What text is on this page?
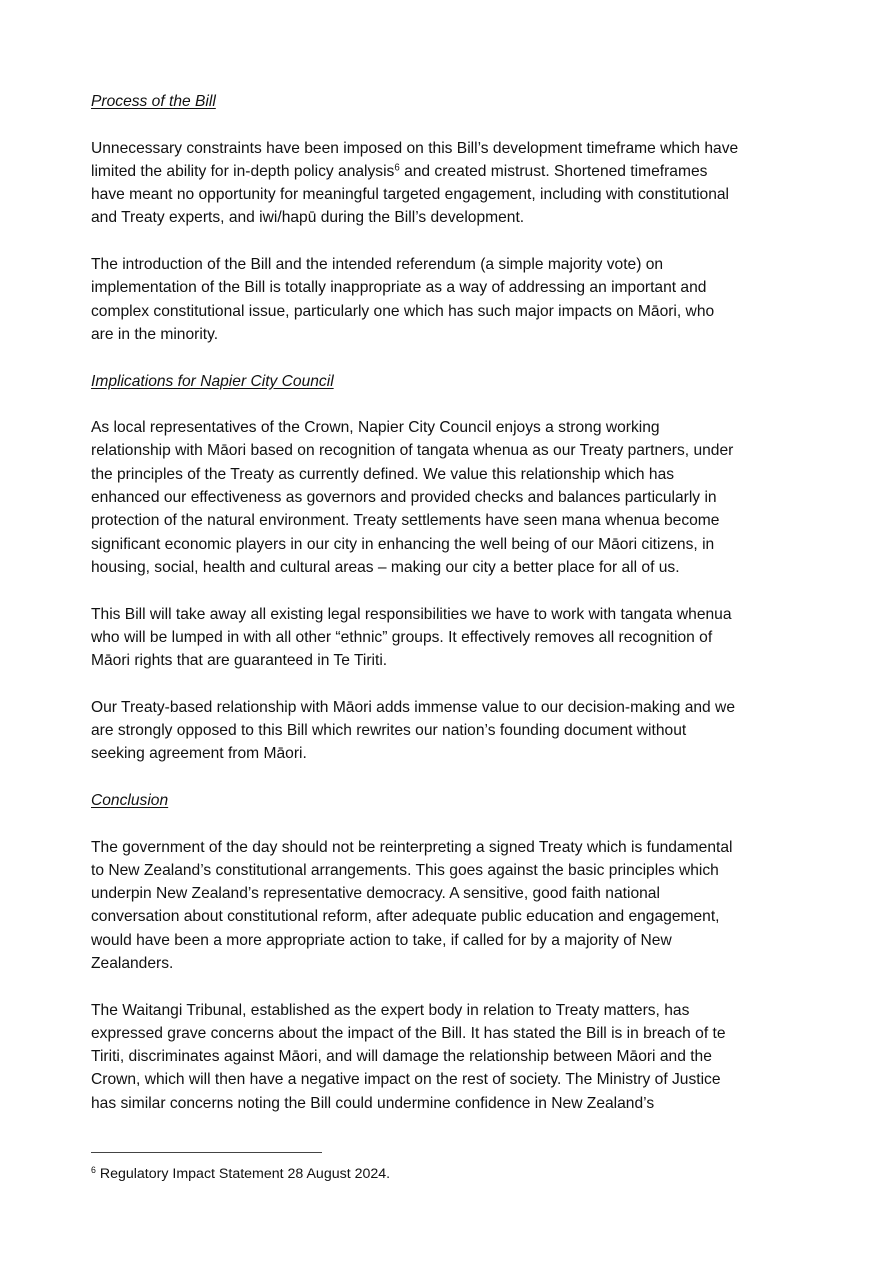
Process of the Bill

Unnecessary constraints have been imposed on this Bill’s development timeframe which have
limited the ability for in-depth policy analysis$^6$ and created mistrust. Shortened timeframes
have meant no opportunity for meaningful targeted engagement, including with constitutional
and Treaty experts, and iwi/hapū during the Bill’s development.

The introduction of the Bill and the intended referendum (a simple majority vote) on
implementation of the Bill is totally inappropriate as a way of addressing an important and
complex constitutional issue, particularly one which has such major impacts on Māori, who
are in the minority.

Implications for Napier City Council

As local representatives of the Crown, Napier City Council enjoys a strong working
relationship with Māori based on recognition of tangata whenua as our Treaty partners, under
the principles of the Treaty as currently defined. We value this relationship which has
enhanced our effectiveness as governors and provided checks and balances particularly in
protection of the natural environment. Treaty settlements have seen mana whenua become
significant economic players in our city in enhancing the well being of our Māori citizens, in
housing, social, health and cultural areas – making our city a better place for all of us.

This Bill will take away all existing legal responsibilities we have to work with tangata whenua
who will be lumped in with all other “ethnic” groups. It effectively removes all recognition of
Māori rights that are guaranteed in Te Tiriti.

Our Treaty-based relationship with Māori adds immense value to our decision-making and we
are strongly opposed to this Bill which rewrites our nation’s founding document without
seeking agreement from Māori.

Conclusion

The government of the day should not be reinterpreting a signed Treaty which is fundamental
to New Zealand’s constitutional arrangements. This goes against the basic principles which
underpin New Zealand’s representative democracy. A sensitive, good faith national
conversation about constitutional reform, after adequate public education and engagement,
would have been a more appropriate action to take, if called for by a majority of New
Zealanders.

The Waitangi Tribunal, established as the expert body in relation to Treaty matters, has
expressed grave concerns about the impact of the Bill. It has stated the Bill is in breach of te
Tiriti, discriminates against Māori, and will damage the relationship between Māori and the
Crown, which will then have a negative impact on the rest of society. The Ministry of Justice
has similar concerns noting the Bill could undermine confidence in New Zealand’s

$^6$ Regulatory Impact Statement 28 August 2024.
